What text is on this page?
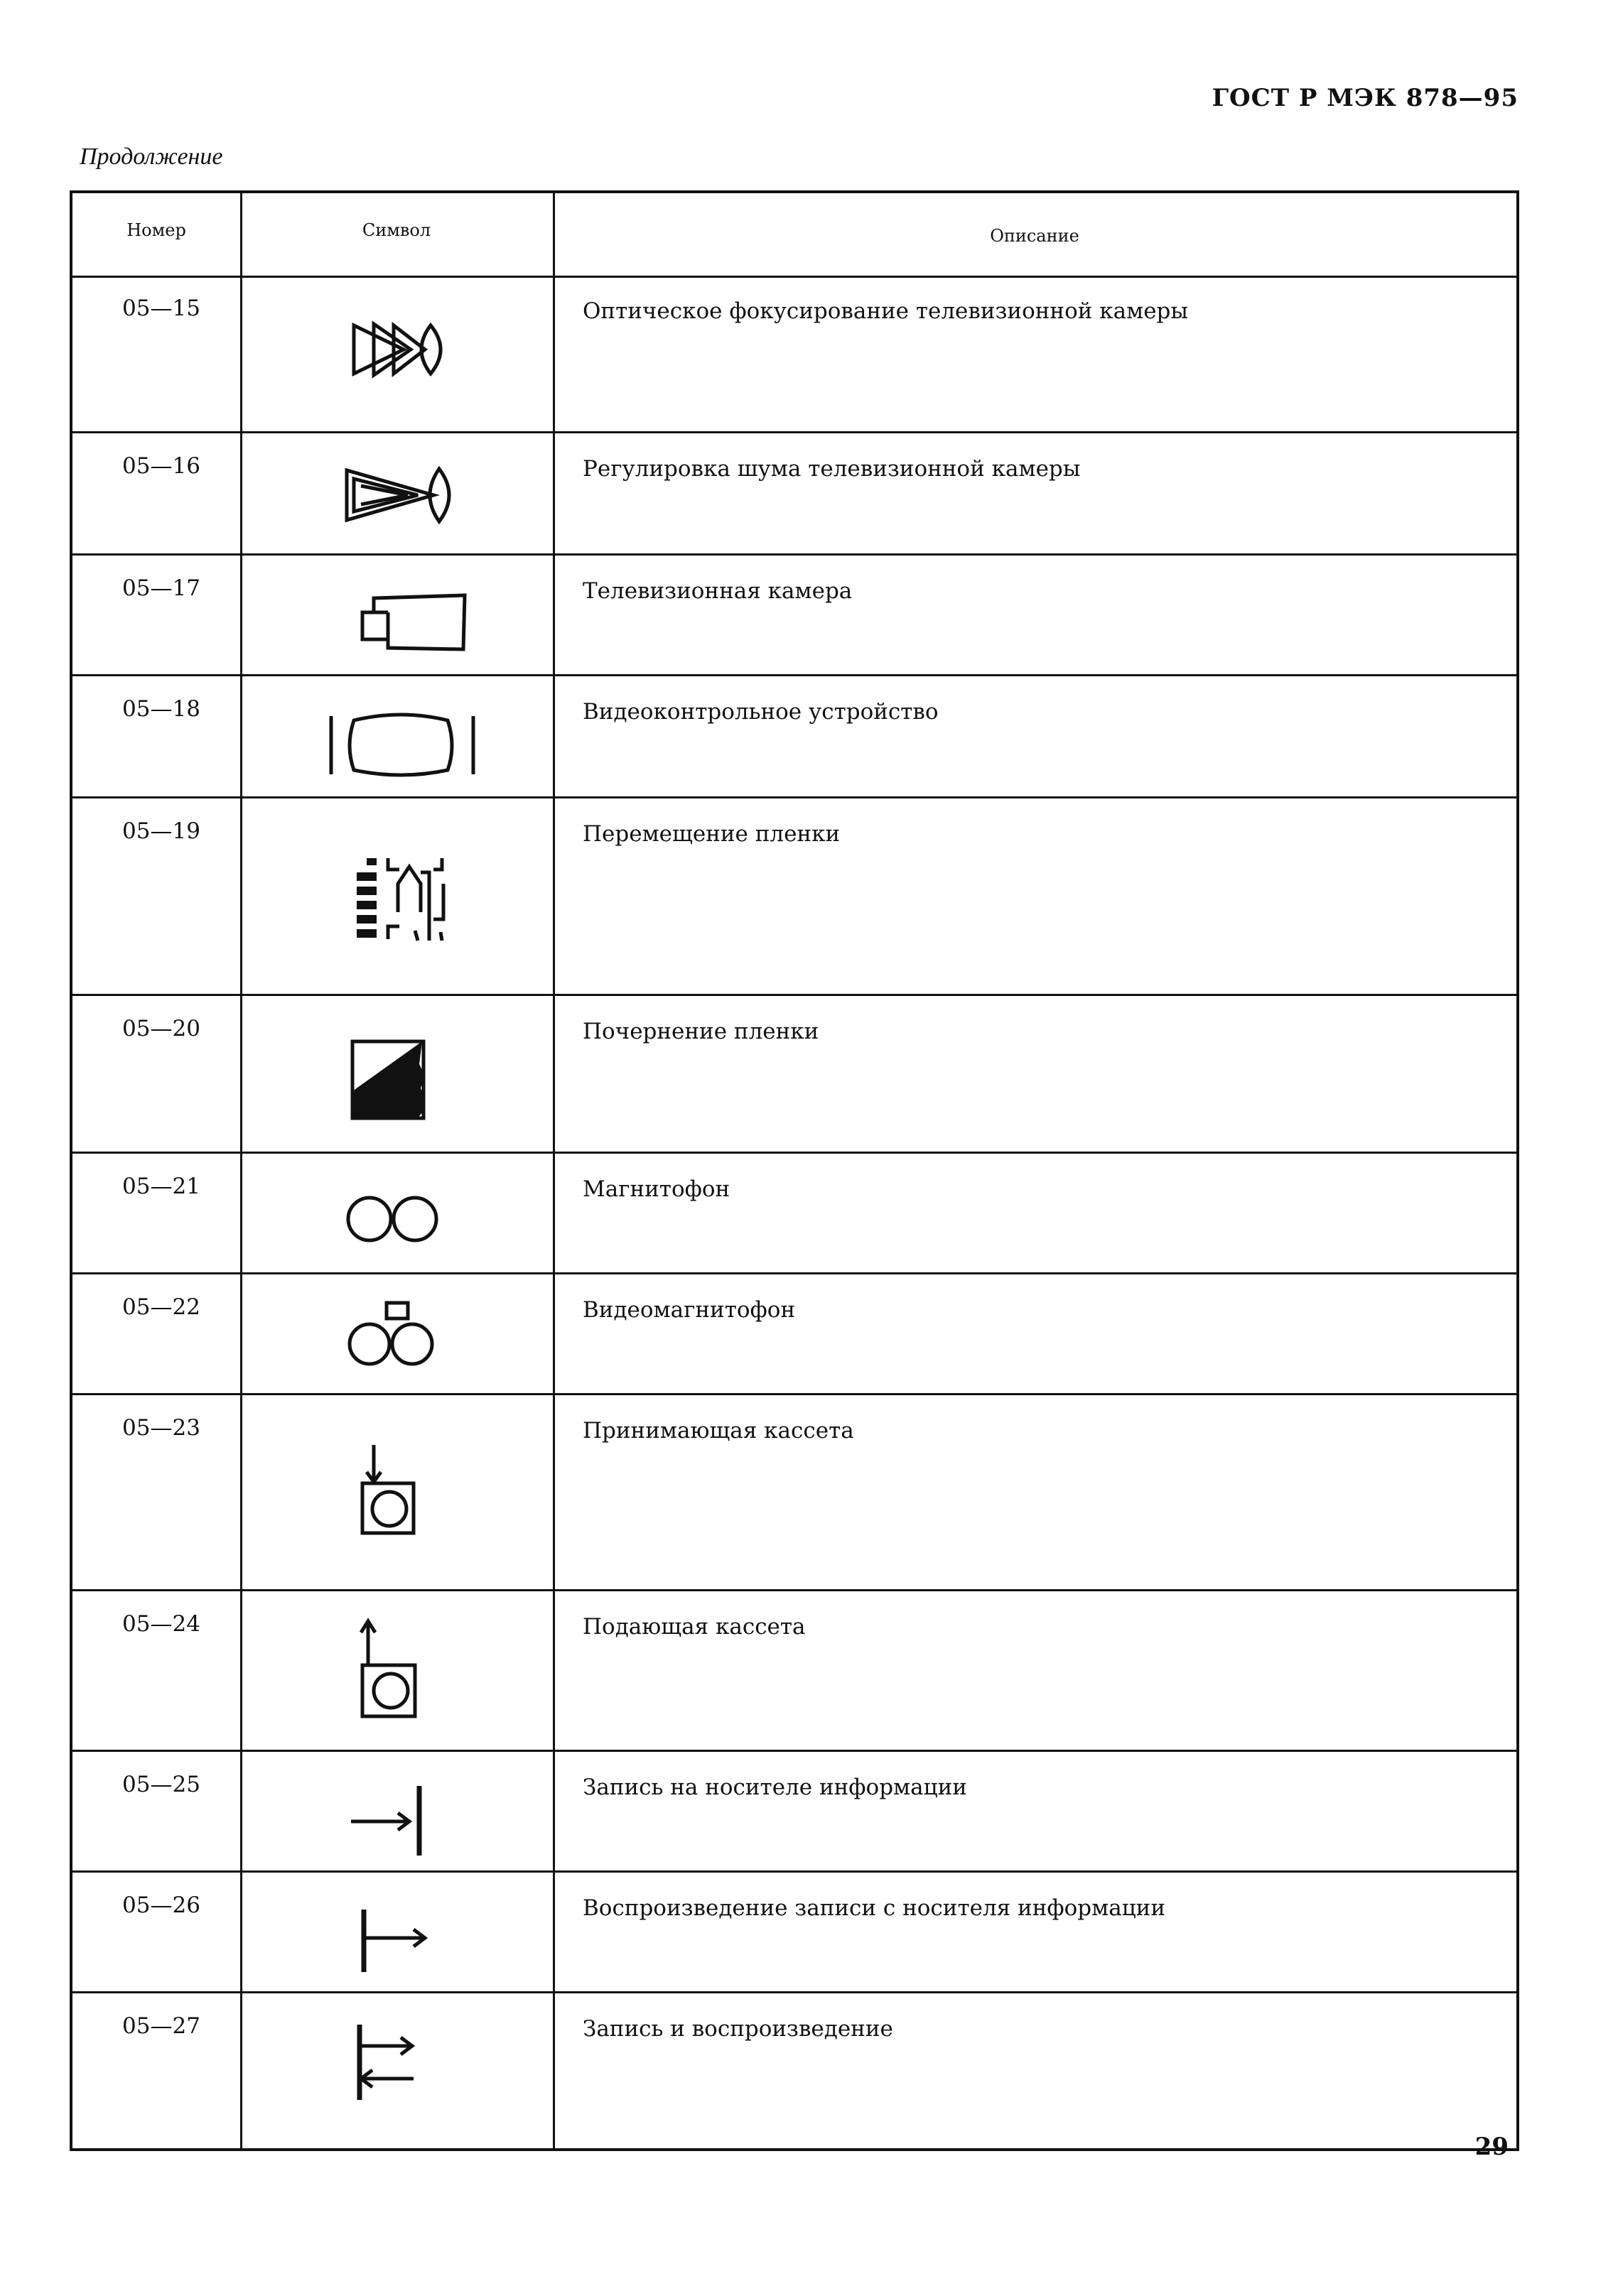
ГОСТ Р МЭК 878—95
Продолжение
Номер	Символ	Описание
05—15	Оптическое фокусирование телевизионной камеры
05—16	Регулировка шума телевизионной камеры
05—17	Телевизионная камера
05—18	Видеоконтрольное устройство
05—19	Перемещение пленки
05—20	Почернение пленки
05—21	Магнитофон
05—22	Видеомагнитофон
05—23	Принимающая кассета
05—24	Подающая кассета
05—25	Запись на носителе информации
05—26	Воспроизведение записи с носителя информации
05—27	Запись и воспроизведение
29
